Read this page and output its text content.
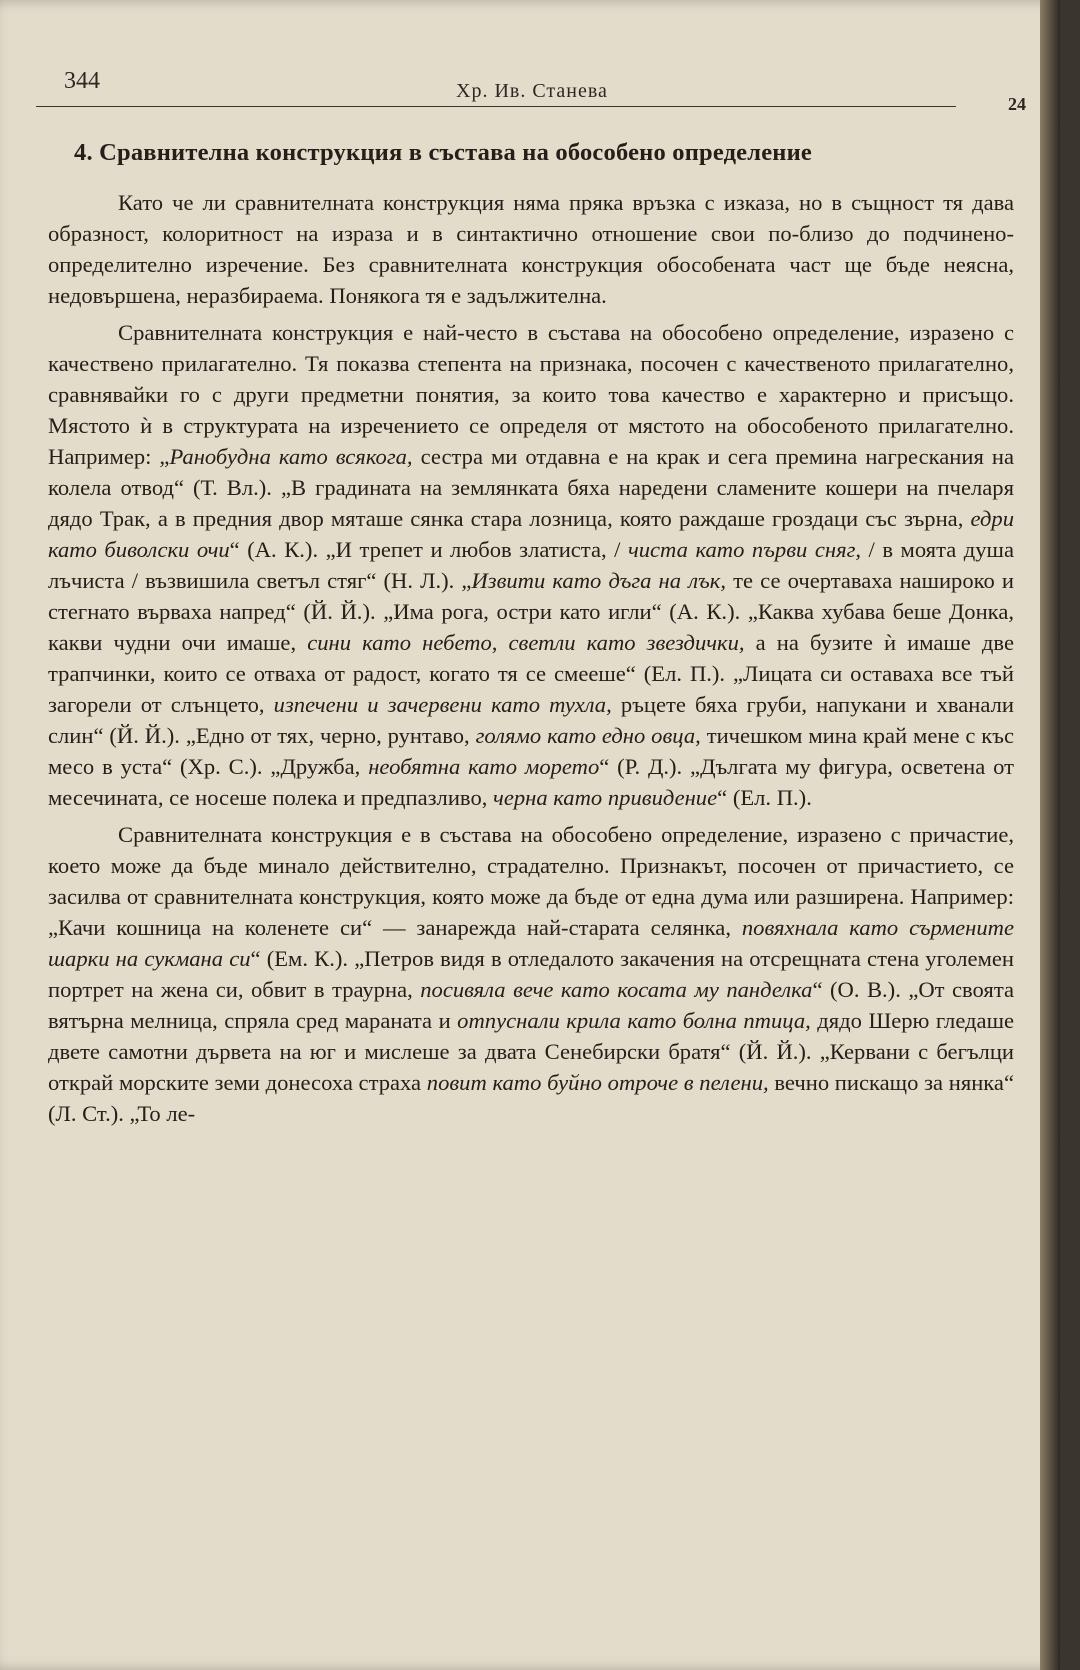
344	Хр. Ив. Станева
24
4. Сравнителна конструкция в състава на обособено определение

Като че ли сравнителната конструкция няма пряка връзка с изказа, но в същност тя дава образност, колоритност на израза и в синтактично отношение свои по-близо до подчинено-определително изречение. Без сравнителната конструкция обособената част ще бъде неясна, недовършена, неразбираема. Понякога тя е задължителна.

Сравнителната конструкция е най-често в състава на обособено определение, изразено с качествено прилагателно. Тя показва степента на признака, посочен с качественото прилагателно, сравнявайки го с други предметни понятия, за които това качество е характерно и присъщо. Мястото ѝ в структурата на изречението се определя от мястото на обособеното прилагателно. Например: „Ранобудна като всякога, сестра ми отдавна е на крак и сега премина нагрескания на колела отвод“ (Т. Вл.). „В градината на землянката бяха наредени сламените кошери на пчеларя дядо Трак, а в предния двор мяташе сянка стара лозница, която раждаше гроздаци със зърна, едри като биволски очи“ (А. К.). „И трепет и любов златиста, / чиста като първи сняг, / в моята душа лъчиста / възвишила светъл стяг“ (Н. Л.). „Извити като дъга на лък, те се очертаваха нашироко и стегнато върваха напред“ (Й. Й.). „Има рога, остри като игли“ (А. К.). „Каква хубава беше Донка, какви чудни очи имаше, сини като небето, светли като звездички, а на бузите ѝ имаше две трапчинки, които се отваха от радост, когато тя се смееше“ (Ел. П.). „Лицата си оставаха все тъй загорели от слънцето, изпечени и зачервени като тухла, ръцете бяха груби, напукани и хванали слин“ (Й. Й.). „Едно от тях, черно, рунтаво, голямо като едно овца, тичешком мина край мене с къс месо в уста“ (Хр. С.). „Дружба, необятна като морето“ (Р. Д.). „Дългата му фигура, осветена от месечината, се носеше полека и предпазливо, черна като привидение“ (Ел. П.).

Сравнителната конструкция е в състава на обособено определение, изразено с причастие, което може да бъде минало действително, страдателно. Признакът, посочен от причастието, се засилва от сравнителната конструкция, която може да бъде от една дума или разширена. Например: „Качи кошница на коленете си“ — занарежда най-старата селянка, повяхнала като сърмените шарки на сукмана си“ (Ем. К.). „Петров видя в отледалото закачения на отсрещната стена уголемен портрет на жена си, обвит в траурна, посивяла вече като косата му панделка“ (О. В.). „От своята вятърна мелница, спряла сред мараната и отпуснали крила като болна птица, дядо Шерю гледаше двете самотни дървета на юг и мислеше за двата Сенебирски братя“ (Й. Й.). „Кервани с бегълци открай морските земи донесоха страха повит като буйно отроче в пелени, вечно пискащо за нянка“ (Л. Ст.). „То ле-
